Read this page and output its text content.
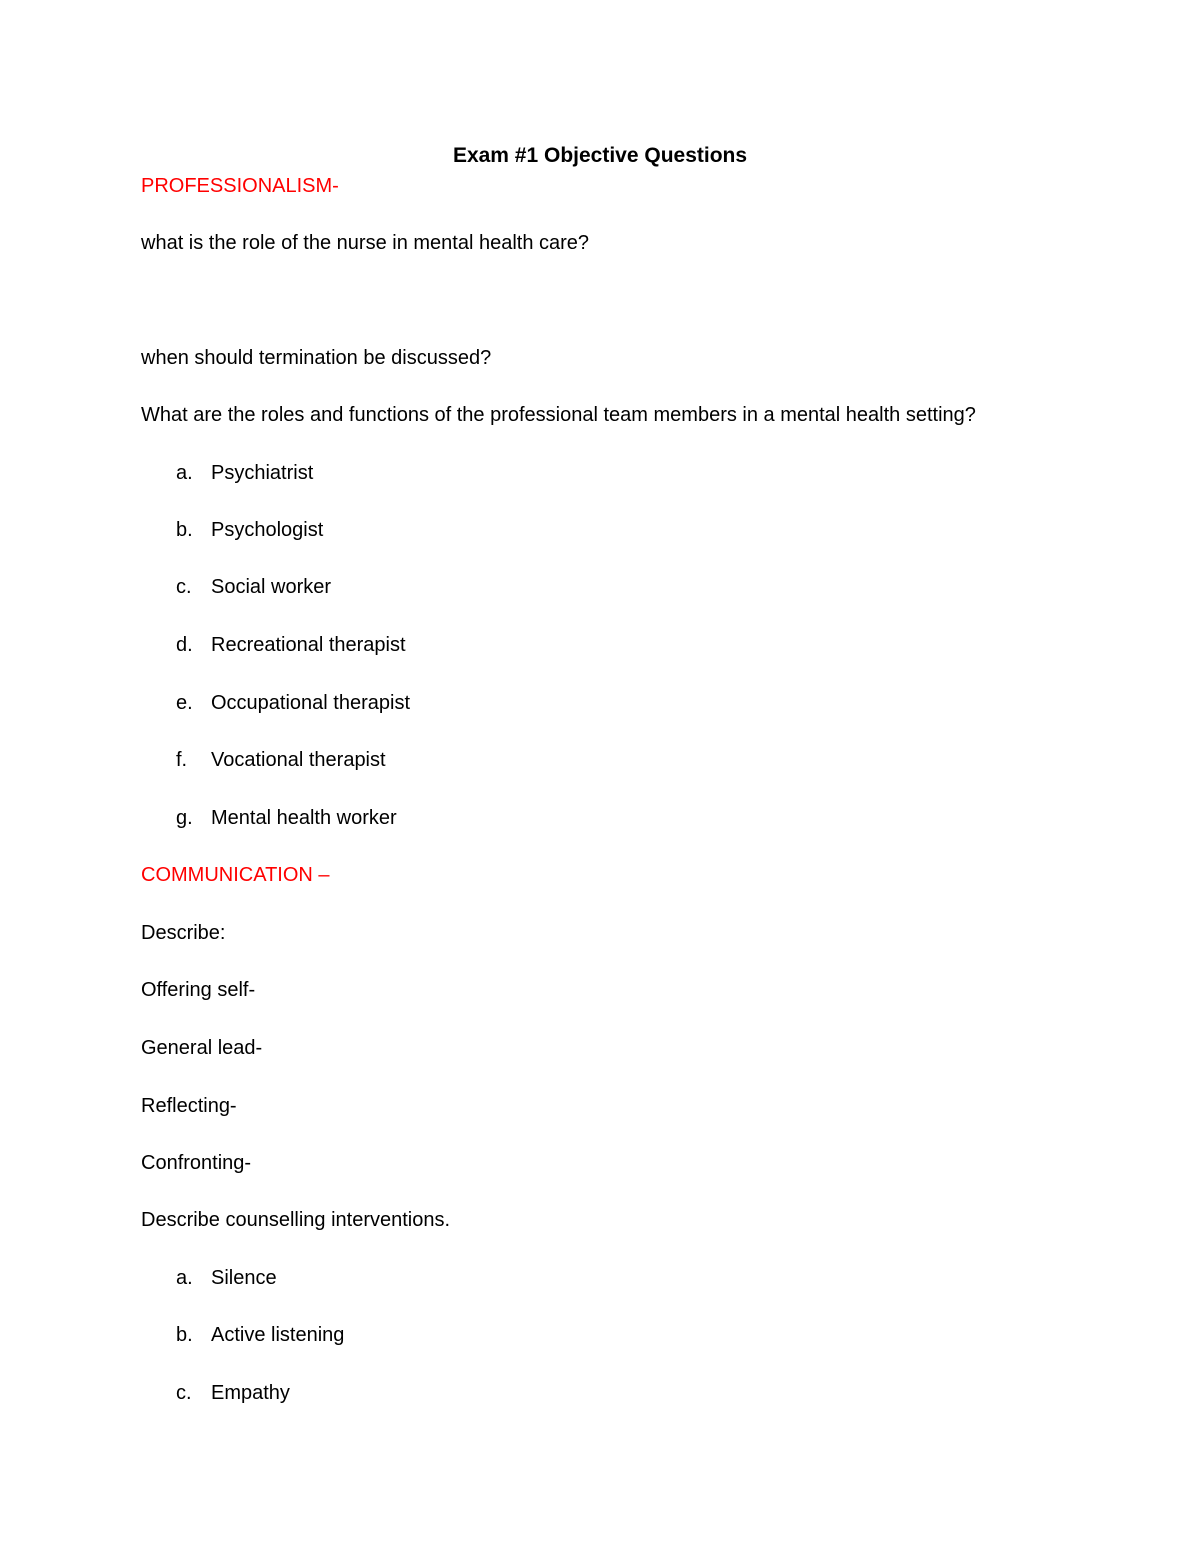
Exam #1 Objective Questions
PROFESSIONALISM-
what is the role of the nurse in mental health care?
when should termination be discussed?
What are the roles and functions of the professional team members in a mental health setting?
a. Psychiatrist
b. Psychologist
c. Social worker
d. Recreational therapist
e. Occupational therapist
f. Vocational therapist
g. Mental health worker
COMMUNICATION –
Describe:
Offering self-
General lead-
Reflecting-
Confronting-
Describe counselling interventions.
a. Silence
b. Active listening
c. Empathy
